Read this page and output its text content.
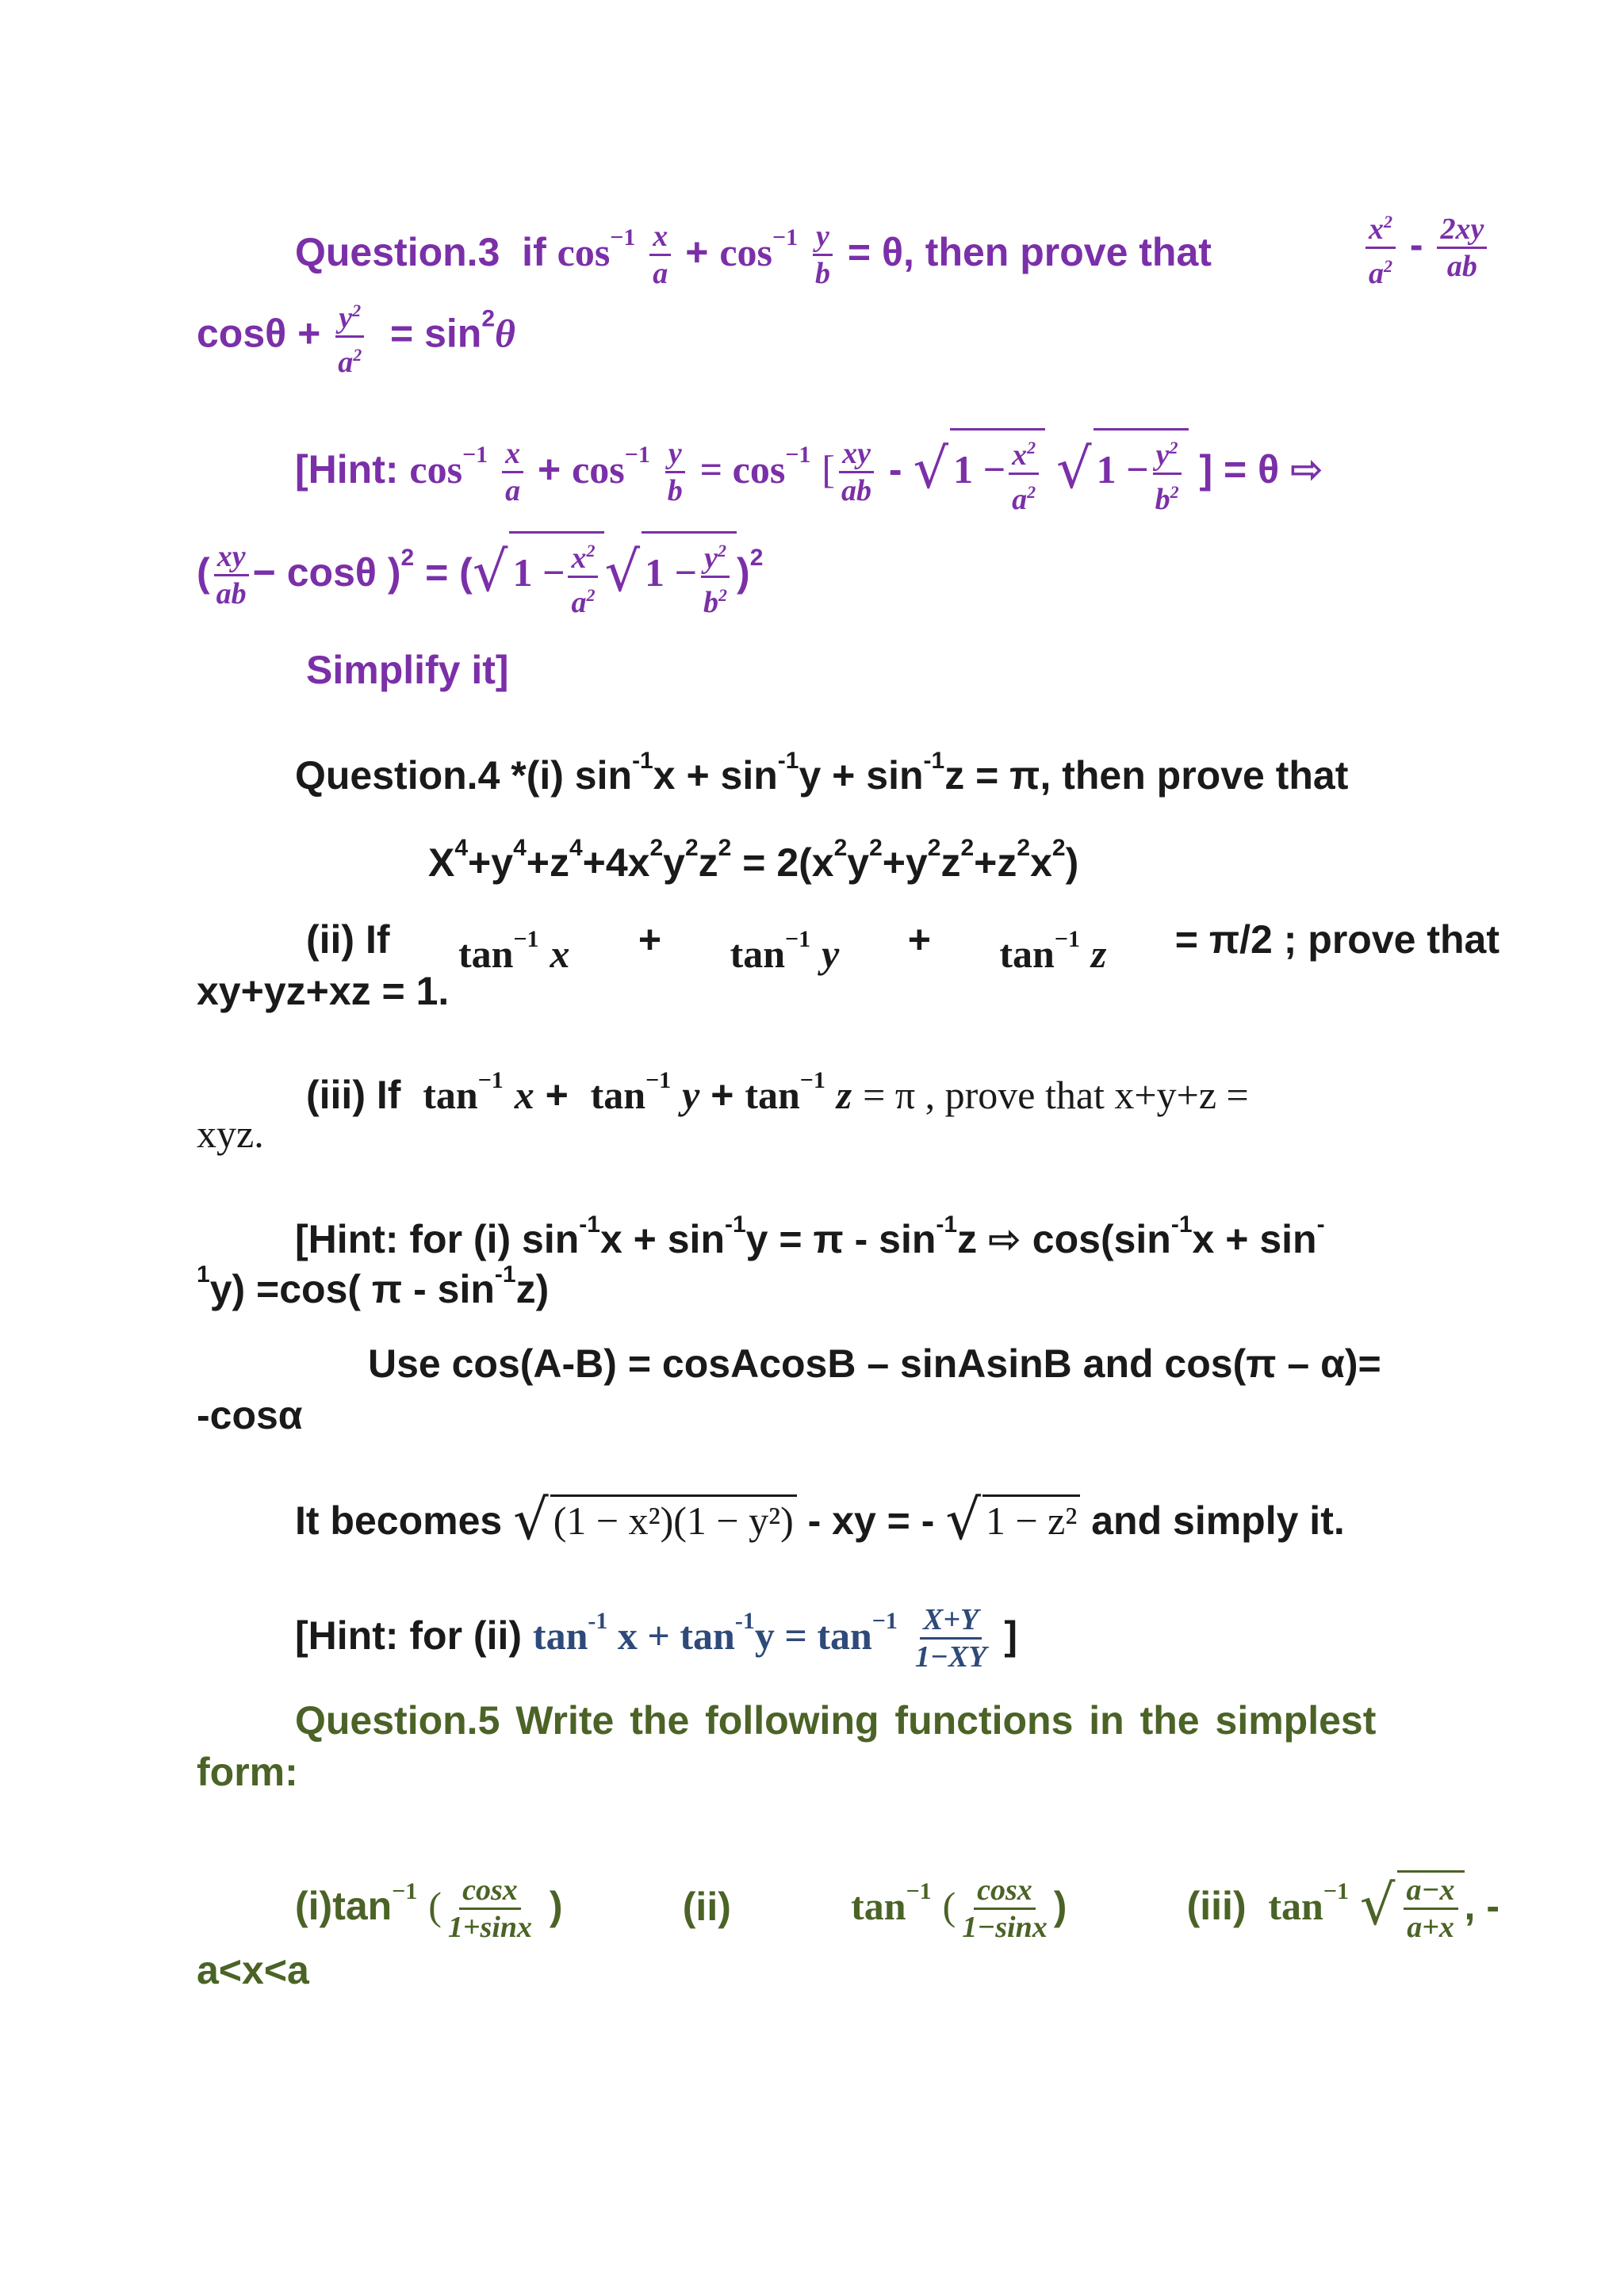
Question.3 if $\cos^{-1} \frac{x}{a} + \cos^{-1} \frac{y}{b} = \theta$, then prove that	$\frac{x^2}{a^2} - \frac{2xy}{ab}$
$\cos\theta + \frac{y^2}{a^2} = \sin^2\theta$
[Hint: $\cos^{-1} \frac{x}{a} + \cos^{-1} \frac{y}{b} = \cos^{-1}$ [ $\frac{xy}{ab}$ - √ $1 - \frac{x^2}{a^2}$ √ $1 - \frac{y^2}{b^2}$ ] = θ ⇨
( $\frac{xy}{ab} - \cos\theta$ )$^2$ = (√ $1 - \frac{x^2}{a^2}$ √ $1 - \frac{y^2}{b^2} )^2$
Simplify it]
Question.4 *(i) $\sin^{-1}x + \sin^{-1}y + \sin^{-1}z = \pi$, then prove that
$X^4+y^4+z^4+4x^2y^2z^2 = 2(x^2y^2+y^2z^2+z^2x^2)$
(ii) If $\tan^{-1} x + \tan^{-1} y + \tan^{-1} z = \pi/2$ ; prove that
xy+yz+xz = 1.
(iii) If $\tan^{-1} x + \tan^{-1} y + \tan^{-1} z = \pi$ , prove that x+y+z =
xyz.
[Hint: for (i) $\sin^{-1}x + \sin^{-1}y = \pi - \sin^{-1}z$ ⇨ $\cos(\sin^{-1}x + \sin^-$
$^1$y) =cos( π - $\sin^{-1}z$)
Use cos(A-B) = cosAcosB – sinAsinB and cos(π – α)=
-cosα
It becomes √ (1 − x²)(1 − y²) - xy = - √ 1 − z² and simply it.
[Hint: for (ii) $\tan^{-1} x + \tan^{-1}y = \tan^{-1} \frac{X+Y}{1-XY}$ ]
Question.5 Write the following functions in the simplest
form:
$(i)\tan^{-1}$ ( $\frac{\cos x}{1+\sin x}$ )	(ii)	$\tan^{-1}$ ( $\frac{\cos x}{1-\sin x}$ )	(iii) $\tan^{-1}$ √ $\frac{a-x}{a+x}$ , -
a<x<a
